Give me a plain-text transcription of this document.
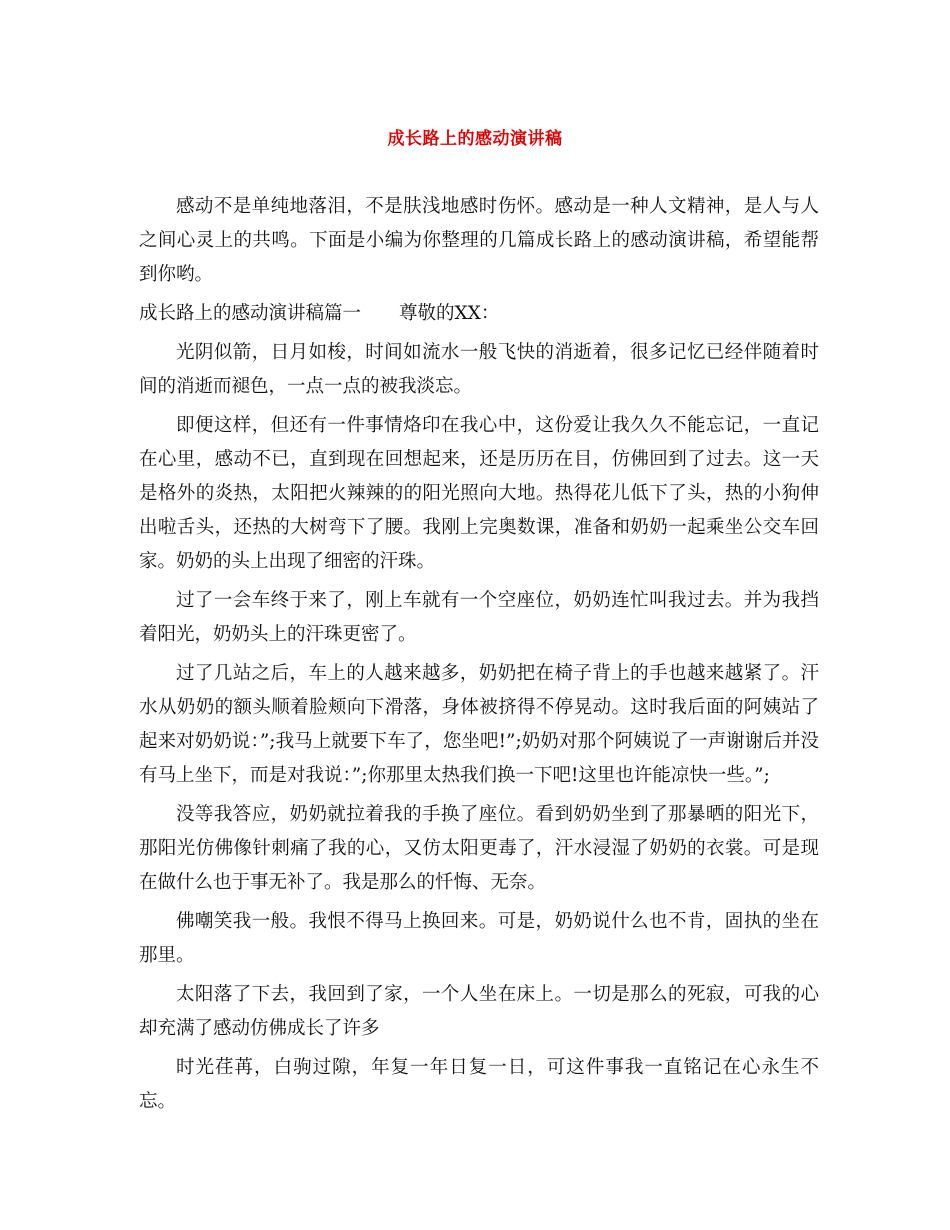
成长路上的感动演讲稿

感动不是单纯地落泪，不是肤浅地感时伤怀。感动是一种人文精神，是人与人之间心灵上的共鸣。下面是小编为你整理的几篇成长路上的感动演讲稿，希望能帮到你哟。

成长路上的感动演讲稿篇一 尊敬的XX：

光阴似箭，日月如梭，时间如流水一般飞快的消逝着，很多记忆已经伴随着时间的消逝而褪色，一点一点的被我淡忘。

即便这样，但还有一件事情烙印在我心中，这份爱让我久久不能忘记，一直记在心里，感动不已，直到现在回想起来，还是历历在目，仿佛回到了过去。这一天是格外的炎热，太阳把火辣辣的的阳光照向大地。热得花儿低下了头，热的小狗伸出啦舌头，还热的大树弯下了腰。我刚上完奥数课，准备和奶奶一起乘坐公交车回家。奶奶的头上出现了细密的汗珠。

过了一会车终于来了，刚上车就有一个空座位，奶奶连忙叫我过去。并为我挡着阳光，奶奶头上的汗珠更密了。

过了几站之后，车上的人越来越多，奶奶把在椅子背上的手也越来越紧了。汗水从奶奶的额头顺着脸颊向下滑落，身体被挤得不停晃动。这时我后面的阿姨站了起来对奶奶说：”;我马上就要下车了，您坐吧!”;奶奶对那个阿姨说了一声谢谢后并没有马上坐下，而是对我说：”;你那里太热我们换一下吧!这里也许能凉快一些。”;

没等我答应，奶奶就拉着我的手换了座位。看到奶奶坐到了那暴晒的阳光下，那阳光仿佛像针刺痛了我的心，又仿太阳更毒了，汗水浸湿了奶奶的衣裳。可是现在做什么也于事无补了。我是那么的忏悔、无奈。

佛嘲笑我一般。我恨不得马上换回来。可是，奶奶说什么也不肯，固执的坐在那里。

太阳落了下去，我回到了家，一个人坐在床上。一切是那么的死寂，可我的心却充满了感动仿佛成长了许多

时光荏苒，白驹过隙，年复一年日复一日，可这件事我一直铭记在心永生不忘。
